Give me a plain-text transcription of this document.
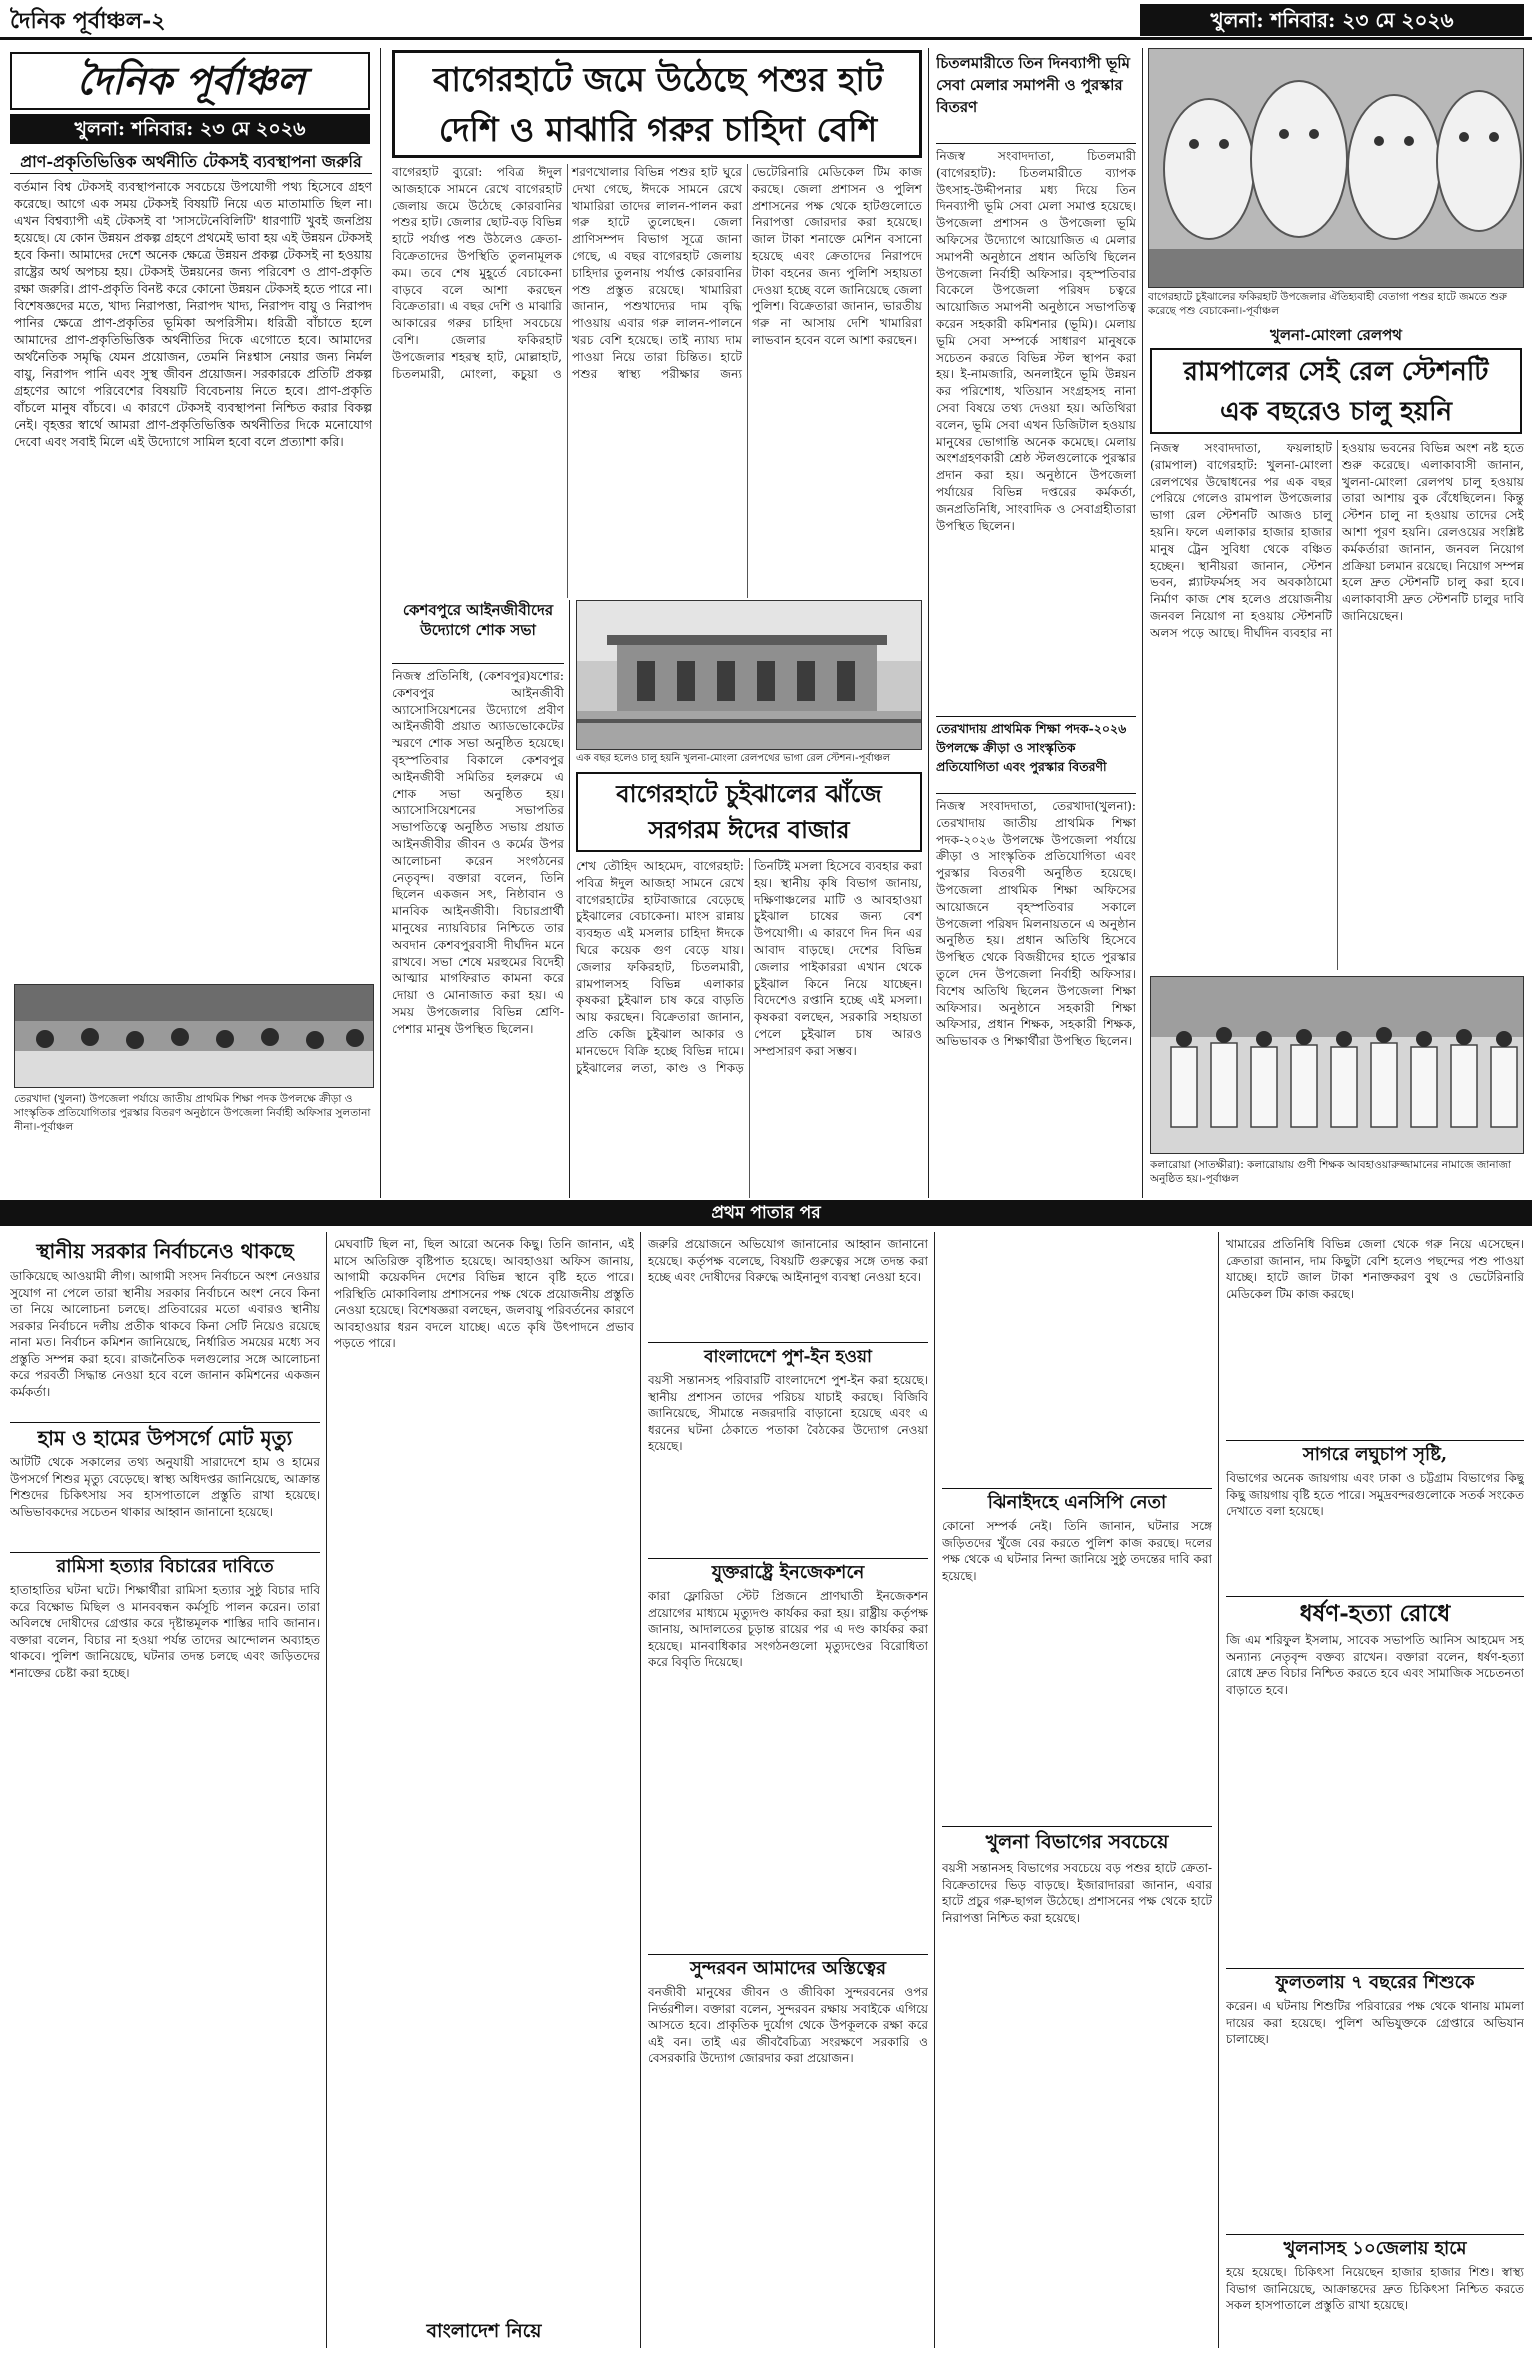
দৈনিক পূর্বাঞ্চল-২	খুলনা: শনিবার: ২৩ মে ২০২৬
দৈনিক পূর্বাঞ্চল
খুলনা: শনিবার: ২৩ মে ২০২৬
প্রাণ-প্রকৃতিভিত্তিক অর্থনীতি টেকসই ব্যবস্থাপনা জরুরি
বর্তমান বিশ্ব টেকসই ব্যবস্থাপনাকে সবচেয়ে উপযোগী পথ্য হিসেবে গ্রহণ করেছে। আগে এক সময় টেকসই বিষয়টি নিয়ে এত মাতামাতি ছিল না। এখন বিশ্বব্যাপী এই টেকসই বা 'সাসটেনেবিলিটি' ধারণাটি খুবই জনপ্রিয় হয়েছে। যে কোন উন্নয়ন প্রকল্প গ্রহণে প্রথমেই ভাবা হয় এই উন্নয়ন টেকসই হবে কিনা। আমাদের দেশে অনেক ক্ষেত্রে উন্নয়ন প্রকল্প টেকসই না হওয়ায় রাষ্ট্রের অর্থ অপচয় হয়। টেকসই উন্নয়নের জন্য পরিবেশ ও প্রাণ-প্রকৃতি রক্ষা জরুরি। প্রাণ-প্রকৃতি বিনষ্ট করে কোনো উন্নয়ন টেকসই হতে পারে না। বিশেষজ্ঞদের মতে, খাদ্য নিরাপত্তা, নিরাপদ খাদ্য, নিরাপদ বায়ু ও নিরাপদ পানির ক্ষেত্রে প্রাণ-প্রকৃতির ভূমিকা অপরিসীম। ধরিত্রী বাঁচাতে হলে আমাদের প্রাণ-প্রকৃতিভিত্তিক অর্থনীতির দিকে এগোতে হবে। আমাদের অর্থনৈতিক সমৃদ্ধি যেমন প্রয়োজন, তেমনি নিঃশ্বাস নেয়ার জন্য নির্মল বায়ু, নিরাপদ পানি এবং সুস্থ জীবন প্রয়োজন। সরকারকে প্রতিটি প্রকল্প গ্রহণের আগে পরিবেশের বিষয়টি বিবেচনায় নিতে হবে। প্রাণ-প্রকৃতি বাঁচলে মানুষ বাঁচবে। এ কারণে টেকসই ব্যবস্থাপনা নিশ্চিত করার বিকল্প নেই। বৃহত্তর স্বার্থে আমরা প্রাণ-প্রকৃতিভিত্তিক অর্থনীতির দিকে মনোযোগ দেবো এবং সবাই মিলে এই উদ্যোগে সামিল হবো বলে প্রত্যাশা করি।
তেরখাদা (খুলনা) উপজেলা পর্যায়ে জাতীয় প্রাথমিক শিক্ষা পদক উপলক্ষে ক্রীড়া ও সাংস্কৃতিক প্রতিযোগিতার পুরস্কার বিতরণ অনুষ্ঠানে উপজেলা নির্বাহী অফিসার সুলতানা নীনা।-পূর্বাঞ্চল
বাগেরহাটে জমে উঠেছে পশুর হাট
দেশি ও মাঝারি গরুর চাহিদা বেশি
বাগেরহাট ব্যুরো: পবিত্র ঈদুল আজহাকে সামনে রেখে বাগেরহাট জেলায় জমে উঠেছে কোরবানির পশুর হাট। জেলার ছোট-বড় বিভিন্ন হাটে পর্যাপ্ত পশু উঠলেও ক্রেতা-বিক্রেতাদের উপস্থিতি তুলনামূলক কম। তবে শেষ মুহূর্তে বেচাকেনা বাড়বে বলে আশা করছেন বিক্রেতারা। এ বছর দেশি ও মাঝারি আকারের গরুর চাহিদা সবচেয়ে বেশি। জেলার ফকিরহাট উপজেলার শহরস্থ হাট, মোল্লাহাট, চিতলমারী, মোংলা, কচুয়া ও শরণখোলার বিভিন্ন পশুর হাট ঘুরে দেখা গেছে, ঈদকে সামনে রেখে খামারিরা তাদের লালন-পালন করা গরু হাটে তুলেছেন। জেলা প্রাণিসম্পদ বিভাগ সূত্রে জানা গেছে, এ বছর বাগেরহাট জেলায় চাহিদার তুলনায় পর্যাপ্ত কোরবানির পশু প্রস্তুত রয়েছে। খামারিরা জানান, পশুখাদ্যের দাম বৃদ্ধি পাওয়ায় এবার গরু লালন-পালনে খরচ বেশি হয়েছে। তাই ন্যায্য দাম পাওয়া নিয়ে তারা চিন্তিত। হাটে পশুর স্বাস্থ্য পরীক্ষার জন্য ভেটেরিনারি মেডিকেল টিম কাজ করছে। জেলা প্রশাসন ও পুলিশ প্রশাসনের পক্ষ থেকে হাটগুলোতে নিরাপত্তা জোরদার করা হয়েছে। জাল টাকা শনাক্তে মেশিন বসানো হয়েছে এবং ক্রেতাদের নিরাপদে টাকা বহনের জন্য পুলিশি সহায়তা দেওয়া হচ্ছে বলে জানিয়েছে জেলা পুলিশ। বিক্রেতারা জানান, ভারতীয় গরু না আসায় দেশি খামারিরা লাভবান হবেন বলে আশা করছেন।
কেশবপুরে আইনজীবীদের উদ্যোগে শোক সভা
নিজস্ব প্রতিনিধি, (কেশবপুর)যশোর: কেশবপুর আইনজীবী অ্যাসোসিয়েশনের উদ্যোগে প্রবীণ আইনজীবী প্রয়াত অ্যাডভোকেটের স্মরণে শোক সভা অনুষ্ঠিত হয়েছে। বৃহস্পতিবার বিকালে কেশবপুর আইনজীবী সমিতির হলরুমে এ শোক সভা অনুষ্ঠিত হয়। অ্যাসোসিয়েশনের সভাপতির সভাপতিত্বে অনুষ্ঠিত সভায় প্রয়াত আইনজীবীর জীবন ও কর্মের উপর আলোচনা করেন সংগঠনের নেতৃবৃন্দ। বক্তারা বলেন, তিনি ছিলেন একজন সৎ, নিষ্ঠাবান ও মানবিক আইনজীবী। বিচারপ্রার্থী মানুষের ন্যায়বিচার নিশ্চিতে তার অবদান কেশবপুরবাসী দীর্ঘদিন মনে রাখবে। সভা শেষে মরহুমের বিদেহী আত্মার মাগফিরাত কামনা করে দোয়া ও মোনাজাত করা হয়। এ সময় উপজেলার বিভিন্ন শ্রেণি-পেশার মানুষ উপস্থিত ছিলেন।
এক বছর হলেও চালু হয়নি খুলনা-মোংলা রেলপথের ভাগা রেল স্টেশন।-পূর্বাঞ্চল
বাগেরহাটে চুইঝালের ঝাঁজে
সরগরম ঈদের বাজার
শেখ তৌহিদ আহমেদ, বাগেরহাট: পবিত্র ঈদুল আজহা সামনে রেখে বাগেরহাটের হাটবাজারে বেড়েছে চুইঝালের বেচাকেনা। মাংস রান্নায় ব্যবহৃত এই মসলার চাহিদা ঈদকে ঘিরে কয়েক গুণ বেড়ে যায়। জেলার ফকিরহাট, চিতলমারী, রামপালসহ বিভিন্ন এলাকার কৃষকরা চুইঝাল চাষ করে বাড়তি আয় করছেন। বিক্রেতারা জানান, প্রতি কেজি চুইঝাল আকার ও মানভেদে বিক্রি হচ্ছে বিভিন্ন দামে। চুইঝালের লতা, কাণ্ড ও শিকড় তিনটিই মসলা হিসেবে ব্যবহার করা হয়। স্থানীয় কৃষি বিভাগ জানায়, দক্ষিণাঞ্চলের মাটি ও আবহাওয়া চুইঝাল চাষের জন্য বেশ উপযোগী। এ কারণে দিন দিন এর আবাদ বাড়ছে। দেশের বিভিন্ন জেলার পাইকাররা এখান থেকে চুইঝাল কিনে নিয়ে যাচ্ছেন। বিদেশেও রপ্তানি হচ্ছে এই মসলা। কৃষকরা বলছেন, সরকারি সহায়তা পেলে চুইঝাল চাষ আরও সম্প্রসারণ করা সম্ভব।
চিতলমারীতে তিন দিনব্যাপী ভূমি সেবা মেলার সমাপনী ও পুরস্কার বিতরণ
নিজস্ব সংবাদদাতা, চিতলমারী (বাগেরহাট): চিতলমারীতে ব্যাপক উৎসাহ-উদ্দীপনার মধ্য দিয়ে তিন দিনব্যাপী ভূমি সেবা মেলা সমাপ্ত হয়েছে। উপজেলা প্রশাসন ও উপজেলা ভূমি অফিসের উদ্যোগে আয়োজিত এ মেলার সমাপনী অনুষ্ঠানে প্রধান অতিথি ছিলেন উপজেলা নির্বাহী অফিসার। বৃহস্পতিবার বিকেলে উপজেলা পরিষদ চত্বরে আয়োজিত সমাপনী অনুষ্ঠানে সভাপতিত্ব করেন সহকারী কমিশনার (ভূমি)। মেলায় ভূমি সেবা সম্পর্কে সাধারণ মানুষকে সচেতন করতে বিভিন্ন স্টল স্থাপন করা হয়। ই-নামজারি, অনলাইনে ভূমি উন্নয়ন কর পরিশোধ, খতিয়ান সংগ্রহসহ নানা সেবা বিষয়ে তথ্য দেওয়া হয়। অতিথিরা বলেন, ভূমি সেবা এখন ডিজিটাল হওয়ায় মানুষের ভোগান্তি অনেক কমেছে। মেলায় অংশগ্রহণকারী শ্রেষ্ঠ স্টলগুলোকে পুরস্কার প্রদান করা হয়। অনুষ্ঠানে উপজেলা পর্যায়ের বিভিন্ন দপ্তরের কর্মকর্তা, জনপ্রতিনিধি, সাংবাদিক ও সেবাগ্রহীতারা উপস্থিত ছিলেন।
তেরখাদায় প্রাথমিক শিক্ষা পদক-২০২৬ উপলক্ষে ক্রীড়া ও সাংস্কৃতিক প্রতিযোগিতা এবং পুরস্কার বিতরণী
নিজস্ব সংবাদদাতা, তেরখাদা(খুলনা): তেরখাদায় জাতীয় প্রাথমিক শিক্ষা পদক-২০২৬ উপলক্ষে উপজেলা পর্যায়ে ক্রীড়া ও সাংস্কৃতিক প্রতিযোগিতা এবং পুরস্কার বিতরণী অনুষ্ঠিত হয়েছে। উপজেলা প্রাথমিক শিক্ষা অফিসের আয়োজনে বৃহস্পতিবার সকালে উপজেলা পরিষদ মিলনায়তনে এ অনুষ্ঠান অনুষ্ঠিত হয়। প্রধান অতিথি হিসেবে উপস্থিত থেকে বিজয়ীদের হাতে পুরস্কার তুলে দেন উপজেলা নির্বাহী অফিসার। বিশেষ অতিথি ছিলেন উপজেলা শিক্ষা অফিসার। অনুষ্ঠানে সহকারী শিক্ষা অফিসার, প্রধান শিক্ষক, সহকারী শিক্ষক, অভিভাবক ও শিক্ষার্থীরা উপস্থিত ছিলেন।
বাগেরহাটে চুইঝালের ফকিরহাট উপজেলার ঐতিহ্যবাহী বেতাগা পশুর হাটে জমতে শুরু করেছে পশু বেচাকেনা।-পূর্বাঞ্চল
খুলনা-মোংলা রেলপথ
রামপালের সেই রেল স্টেশনটি
এক বছরেও চালু হয়নি
নিজস্ব সংবাদদাতা, ফয়লাহাট (রামপাল) বাগেরহাট: খুলনা-মোংলা রেলপথের উদ্বোধনের পর এক বছর পেরিয়ে গেলেও রামপাল উপজেলার ভাগা রেল স্টেশনটি আজও চালু হয়নি। ফলে এলাকার হাজার হাজার মানুষ ট্রেন সুবিধা থেকে বঞ্চিত হচ্ছেন। স্থানীয়রা জানান, স্টেশন ভবন, প্ল্যাটফর্মসহ সব অবকাঠামো নির্মাণ কাজ শেষ হলেও প্রয়োজনীয় জনবল নিয়োগ না হওয়ায় স্টেশনটি অলস পড়ে আছে। দীর্ঘদিন ব্যবহার না হওয়ায় ভবনের বিভিন্ন অংশ নষ্ট হতে শুরু করেছে। এলাকাবাসী জানান, খুলনা-মোংলা রেলপথ চালু হওয়ায় তারা আশায় বুক বেঁধেছিলেন। কিন্তু স্টেশন চালু না হওয়ায় তাদের সেই আশা পূরণ হয়নি। রেলওয়ের সংশ্লিষ্ট কর্মকর্তারা জানান, জনবল নিয়োগ প্রক্রিয়া চলমান রয়েছে। নিয়োগ সম্পন্ন হলে দ্রুত স্টেশনটি চালু করা হবে। এলাকাবাসী দ্রুত স্টেশনটি চালুর দাবি জানিয়েছেন।
কলারোয়া (সাতক্ষীরা): কলারোয়ায় গুণী শিক্ষক আবহাওয়ারুজ্জামানের নামাজে জানাজা অনুষ্ঠিত হয়।-পূর্বাঞ্চল
প্রথম পাতার পর
স্থানীয় সরকার নির্বাচনেও থাকছে
ডাকিয়েছে আওয়ামী লীগ। আগামী সংসদ নির্বাচনে অংশ নেওয়ার সুযোগ না পেলে তারা স্থানীয় সরকার নির্বাচনে অংশ নেবে কিনা তা নিয়ে আলোচনা চলছে। প্রতিবারের মতো এবারও স্থানীয় সরকার নির্বাচনে দলীয় প্রতীক থাকবে কিনা সেটি নিয়েও রয়েছে নানা মত। নির্বাচন কমিশন জানিয়েছে, নির্ধারিত সময়ের মধ্যে সব প্রস্তুতি সম্পন্ন করা হবে। রাজনৈতিক দলগুলোর সঙ্গে আলোচনা করে পরবর্তী সিদ্ধান্ত নেওয়া হবে বলে জানান কমিশনের একজন কর্মকর্তা।
হাম ও হামের উপসর্গে মোট মৃত্যু
আটটি থেকে সকালের তথ্য অনুযায়ী সারাদেশে হাম ও হামের উপসর্গে শিশুর মৃত্যু বেড়েছে। স্বাস্থ্য অধিদপ্তর জানিয়েছে, আক্রান্ত শিশুদের চিকিৎসায় সব হাসপাতালে প্রস্তুতি রাখা হয়েছে। অভিভাবকদের সচেতন থাকার আহ্বান জানানো হয়েছে।
রামিসা হত্যার বিচারের দাবিতে
হাতাহাতির ঘটনা ঘটে। শিক্ষার্থীরা রামিসা হত্যার সুষ্ঠু বিচার দাবি করে বিক্ষোভ মিছিল ও মানববন্ধন কর্মসূচি পালন করেন। তারা অবিলম্বে দোষীদের গ্রেপ্তার করে দৃষ্টান্তমূলক শাস্তির দাবি জানান। বক্তারা বলেন, বিচার না হওয়া পর্যন্ত তাদের আন্দোলন অব্যাহত থাকবে। পুলিশ জানিয়েছে, ঘটনার তদন্ত চলছে এবং জড়িতদের শনাক্তের চেষ্টা করা হচ্ছে।
মেঘবাটি ছিল না, ছিল আরো অনেক কিছু। তিনি জানান, এই মাসে অতিরিক্ত বৃষ্টিপাত হয়েছে। আবহাওয়া অফিস জানায়, আগামী কয়েকদিন দেশের বিভিন্ন স্থানে বৃষ্টি হতে পারে। পরিস্থিতি মোকাবিলায় প্রশাসনের পক্ষ থেকে প্রয়োজনীয় প্রস্তুতি নেওয়া হয়েছে। বিশেষজ্ঞরা বলছেন, জলবায়ু পরিবর্তনের কারণে আবহাওয়ার ধরন বদলে যাচ্ছে। এতে কৃষি উৎপাদনে প্রভাব পড়তে পারে।
বাংলাদেশ নিয়ে
জরুরি প্রয়োজনে অভিযোগ জানানোর আহ্বান জানানো হয়েছে। কর্তৃপক্ষ বলেছে, বিষয়টি গুরুত্বের সঙ্গে তদন্ত করা হচ্ছে এবং দোষীদের বিরুদ্ধে আইনানুগ ব্যবস্থা নেওয়া হবে।
বাংলাদেশে পুশ-ইন হওয়া
বয়সী সন্তানসহ পরিবারটি বাংলাদেশে পুশ-ইন করা হয়েছে। স্থানীয় প্রশাসন তাদের পরিচয় যাচাই করছে। বিজিবি জানিয়েছে, সীমান্তে নজরদারি বাড়ানো হয়েছে এবং এ ধরনের ঘটনা ঠেকাতে পতাকা বৈঠকের উদ্যোগ নেওয়া হয়েছে।
যুক্তরাষ্ট্রে ইনজেকশনে
কারা ফ্লোরিডা স্টেট প্রিজনে প্রাণঘাতী ইনজেকশন প্রয়োগের মাধ্যমে মৃত্যুদণ্ড কার্যকর করা হয়। রাষ্ট্রীয় কর্তৃপক্ষ জানায়, আদালতের চূড়ান্ত রায়ের পর এ দণ্ড কার্যকর করা হয়েছে। মানবাধিকার সংগঠনগুলো মৃত্যুদণ্ডের বিরোধিতা করে বিবৃতি দিয়েছে।
সুন্দরবন আমাদের অস্তিত্বের
বনজীবী মানুষের জীবন ও জীবিকা সুন্দরবনের ওপর নির্ভরশীল। বক্তারা বলেন, সুন্দরবন রক্ষায় সবাইকে এগিয়ে আসতে হবে। প্রাকৃতিক দুর্যোগ থেকে উপকূলকে রক্ষা করে এই বন। তাই এর জীববৈচিত্র্য সংরক্ষণে সরকারি ও বেসরকারি উদ্যোগ জোরদার করা প্রয়োজন।
ঝিনাইদহে এনসিপি নেতা
কোনো সম্পর্ক নেই। তিনি জানান, ঘটনার সঙ্গে জড়িতদের খুঁজে বের করতে পুলিশ কাজ করছে। দলের পক্ষ থেকে এ ঘটনার নিন্দা জানিয়ে সুষ্ঠু তদন্তের দাবি করা হয়েছে।
খুলনা বিভাগের সবচেয়ে
বয়সী সন্তানসহ বিভাগের সবচেয়ে বড় পশুর হাটে ক্রেতা-বিক্রেতাদের ভিড় বাড়ছে। ইজারাদাররা জানান, এবার হাটে প্রচুর গরু-ছাগল উঠেছে। প্রশাসনের পক্ষ থেকে হাটে নিরাপত্তা নিশ্চিত করা হয়েছে।
খামারের প্রতিনিধি বিভিন্ন জেলা থেকে গরু নিয়ে এসেছেন। ক্রেতারা জানান, দাম কিছুটা বেশি হলেও পছন্দের পশু পাওয়া যাচ্ছে। হাটে জাল টাকা শনাক্তকরণ বুথ ও ভেটেরিনারি মেডিকেল টিম কাজ করছে।
সাগরে লঘুচাপ সৃষ্টি,
বিভাগের অনেক জায়গায় এবং ঢাকা ও চট্টগ্রাম বিভাগের কিছু কিছু জায়গায় বৃষ্টি হতে পারে। সমুদ্রবন্দরগুলোকে সতর্ক সংকেত দেখাতে বলা হয়েছে।
ধর্ষণ-হত্যা রোধে
জি এম শরিফুল ইসলাম, সাবেক সভাপতি আনিস আহমেদ সহ অন্যান্য নেতৃবৃন্দ বক্তব্য রাখেন। বক্তারা বলেন, ধর্ষণ-হত্যা রোধে দ্রুত বিচার নিশ্চিত করতে হবে এবং সামাজিক সচেতনতা বাড়াতে হবে।
ফুলতলায় ৭ বছরের শিশুকে
করেন। এ ঘটনায় শিশুটির পরিবারের পক্ষ থেকে থানায় মামলা দায়ের করা হয়েছে। পুলিশ অভিযুক্তকে গ্রেপ্তারে অভিযান চালাচ্ছে।
খুলনাসহ ১০জেলায় হামে
হয়ে হয়েছে। চিকিৎসা নিয়েছেন হাজার হাজার শিশু। স্বাস্থ্য বিভাগ জানিয়েছে, আক্রান্তদের দ্রুত চিকিৎসা নিশ্চিত করতে সকল হাসপাতালে প্রস্তুতি রাখা হয়েছে।
